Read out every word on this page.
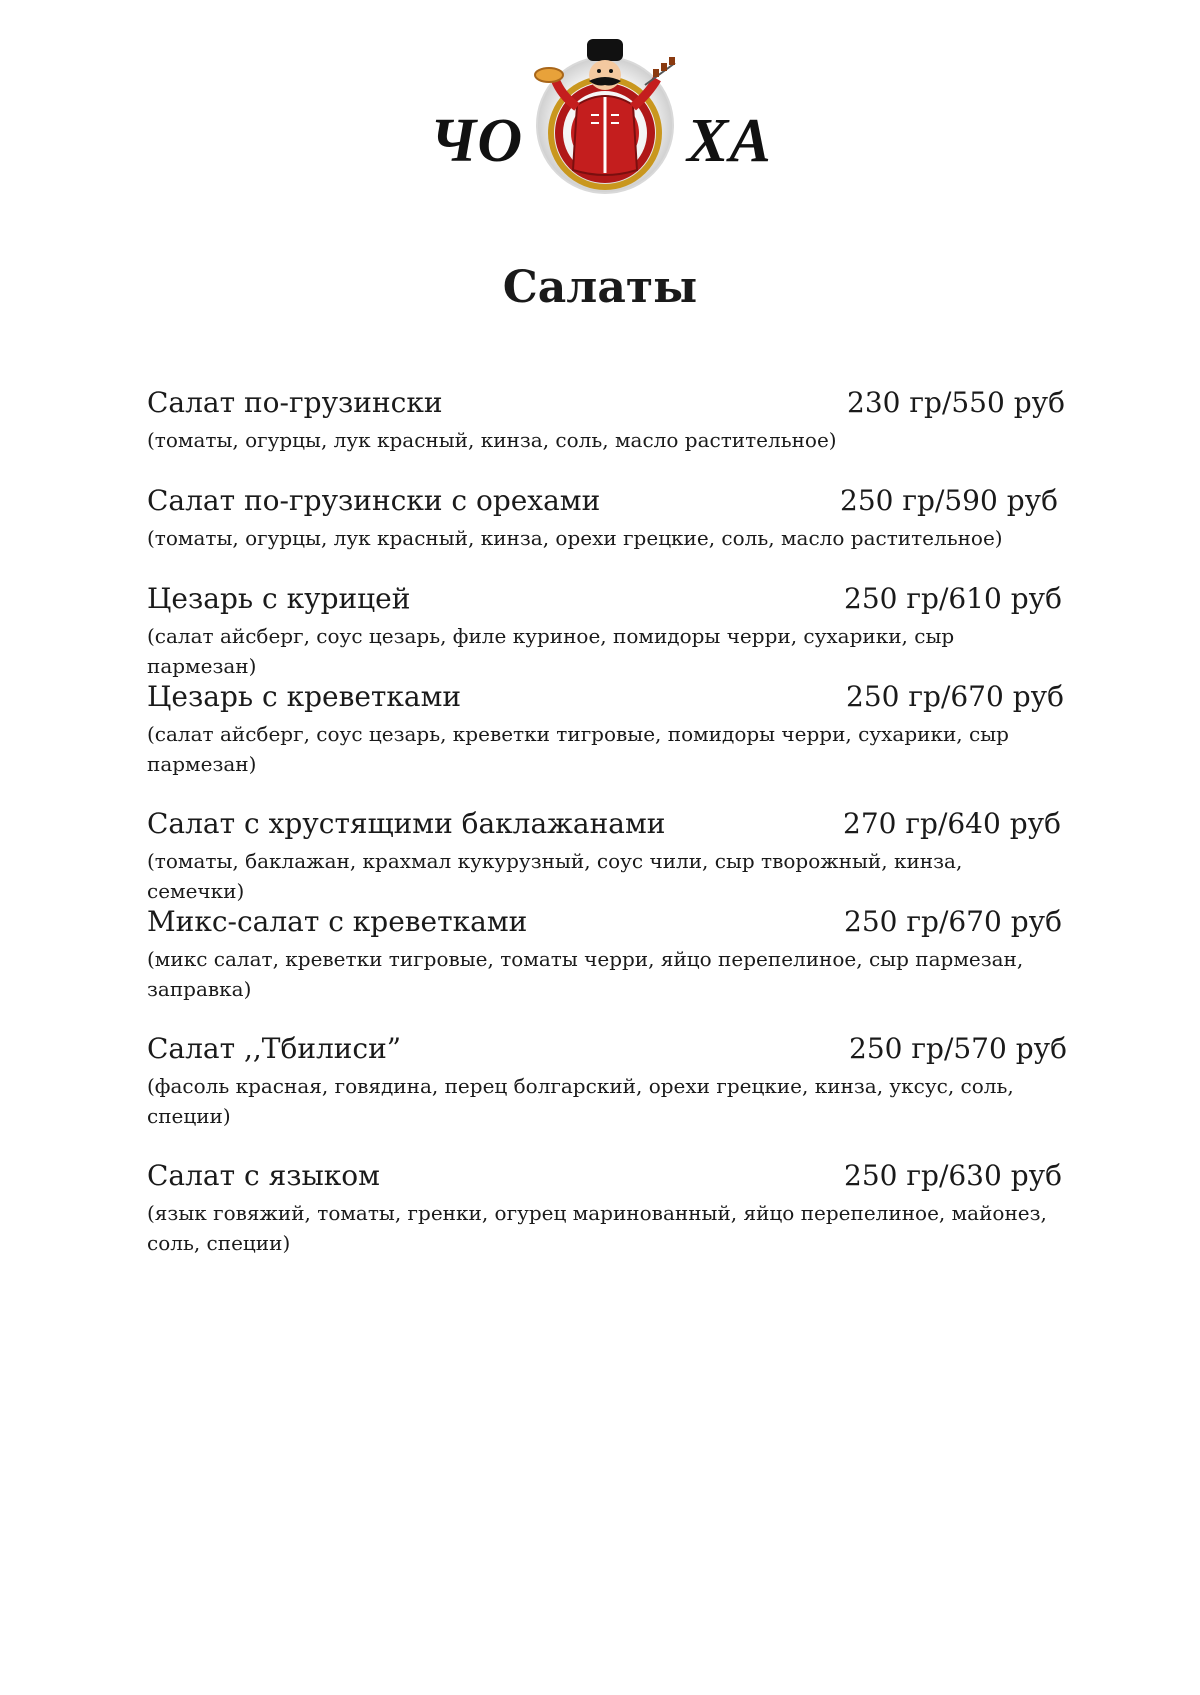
ЧО	ХА
Салаты
Салат по-грузински	230 гр/550 руб
(томаты, огурцы, лук красный, кинза, соль, масло растительное)
Салат по-грузински с орехами	250 гр/590 руб
(томаты, огурцы, лук красный, кинза, орехи грецкие, соль, масло растительное)
Цезарь с курицей	250 гр/610 руб
(салат айсберг, соус цезарь, филе куриное, помидоры черри, сухарики, сыр пармезан)
Цезарь с креветками	250 гр/670 руб
(салат айсберг, соус цезарь, креветки тигровые, помидоры черри, сухарики, сыр пармезан)
Салат с хрустящими баклажанами	270 гр/640 руб
(томаты, баклажан, крахмал кукурузный, соус чили, сыр творожный, кинза, семечки)
Микс-салат с креветками	250 гр/670 руб
(микс салат, креветки тигровые, томаты черри, яйцо перепелиное, сыр пармезан, заправка)
Салат ,,Тбилиси”	250 гр/570 руб
(фасоль красная, говядина, перец болгарский, орехи грецкие, кинза, уксус, соль, специи)
Салат с языком	250 гр/630 руб
(язык говяжий, томаты, гренки, огурец маринованный, яйцо перепелиное, майонез, соль, специи)
